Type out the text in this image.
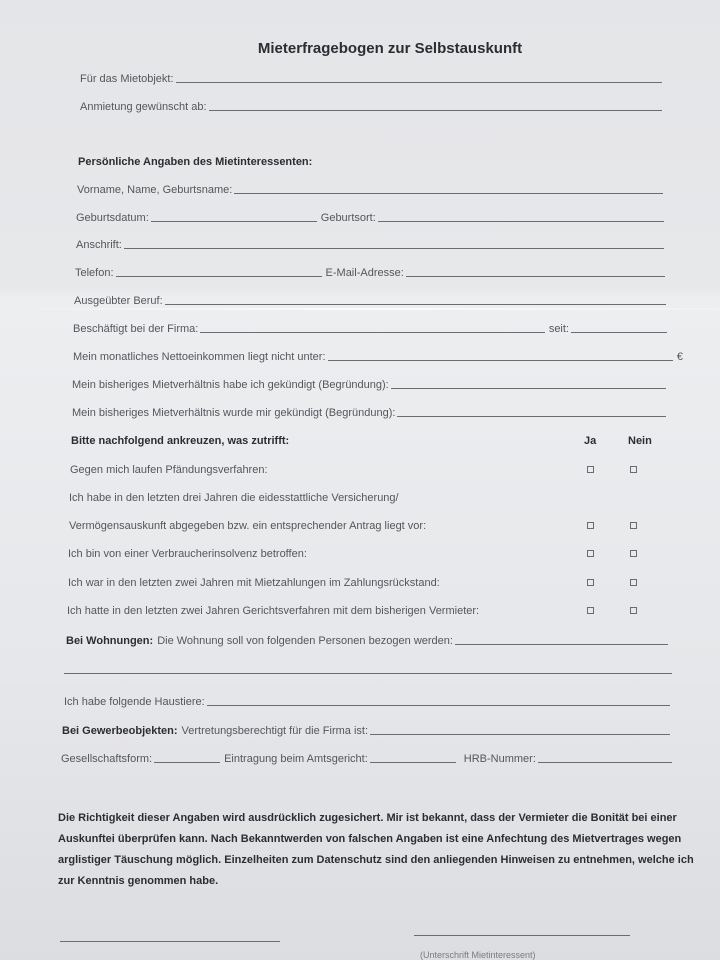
Mieterfragebogen zur Selbstauskunft
Für das Mietobjekt:
Anmietung gewünscht ab:
Persönliche Angaben des Mietinteressenten:
Vorname, Name, Geburtsname:
Geburtsdatum:	Geburtsort:
Anschrift:
Telefon:	E-Mail-Adresse:
Ausgeübter Beruf:
Beschäftigt bei der Firma:	seit:
Mein monatliches Nettoeinkommen liegt nicht unter:	€
Mein bisheriges Mietverhältnis habe ich gekündigt (Begründung):
Mein bisheriges Mietverhältnis wurde mir gekündigt (Begründung):
Bitte nachfolgend ankreuzen, was zutrifft:	Ja	Nein
Gegen mich laufen Pfändungsverfahren:
Ich habe in den letzten drei Jahren die eidesstattliche Versicherung/
Vermögensauskunft abgegeben bzw. ein entsprechender Antrag liegt vor:
Ich bin von einer Verbraucherinsolvenz betroffen:
Ich war in den letzten zwei Jahren mit Mietzahlungen im Zahlungsrückstand:
Ich hatte in den letzten zwei Jahren Gerichtsverfahren mit dem bisherigen Vermieter:
Bei Wohnungen: Die Wohnung soll von folgenden Personen bezogen werden:
Ich habe folgende Haustiere:
Bei Gewerbeobjekten: Vertretungsberechtigt für die Firma ist:
Gesellschaftsform:	Eintragung beim Amtsgericht:	HRB-Nummer:
Die Richtigkeit dieser Angaben wird ausdrücklich zugesichert. Mir ist bekannt, dass der Vermieter die Bonität bei einer Auskunftei überprüfen kann. Nach Bekanntwerden von falschen Angaben ist eine Anfechtung des Mietvertrages wegen arglistiger Täuschung möglich. Einzelheiten zum Datenschutz sind den anliegenden Hinweisen zu entnehmen, welche ich zur Kenntnis genommen habe.
(Unterschrift Mietinteressent)
